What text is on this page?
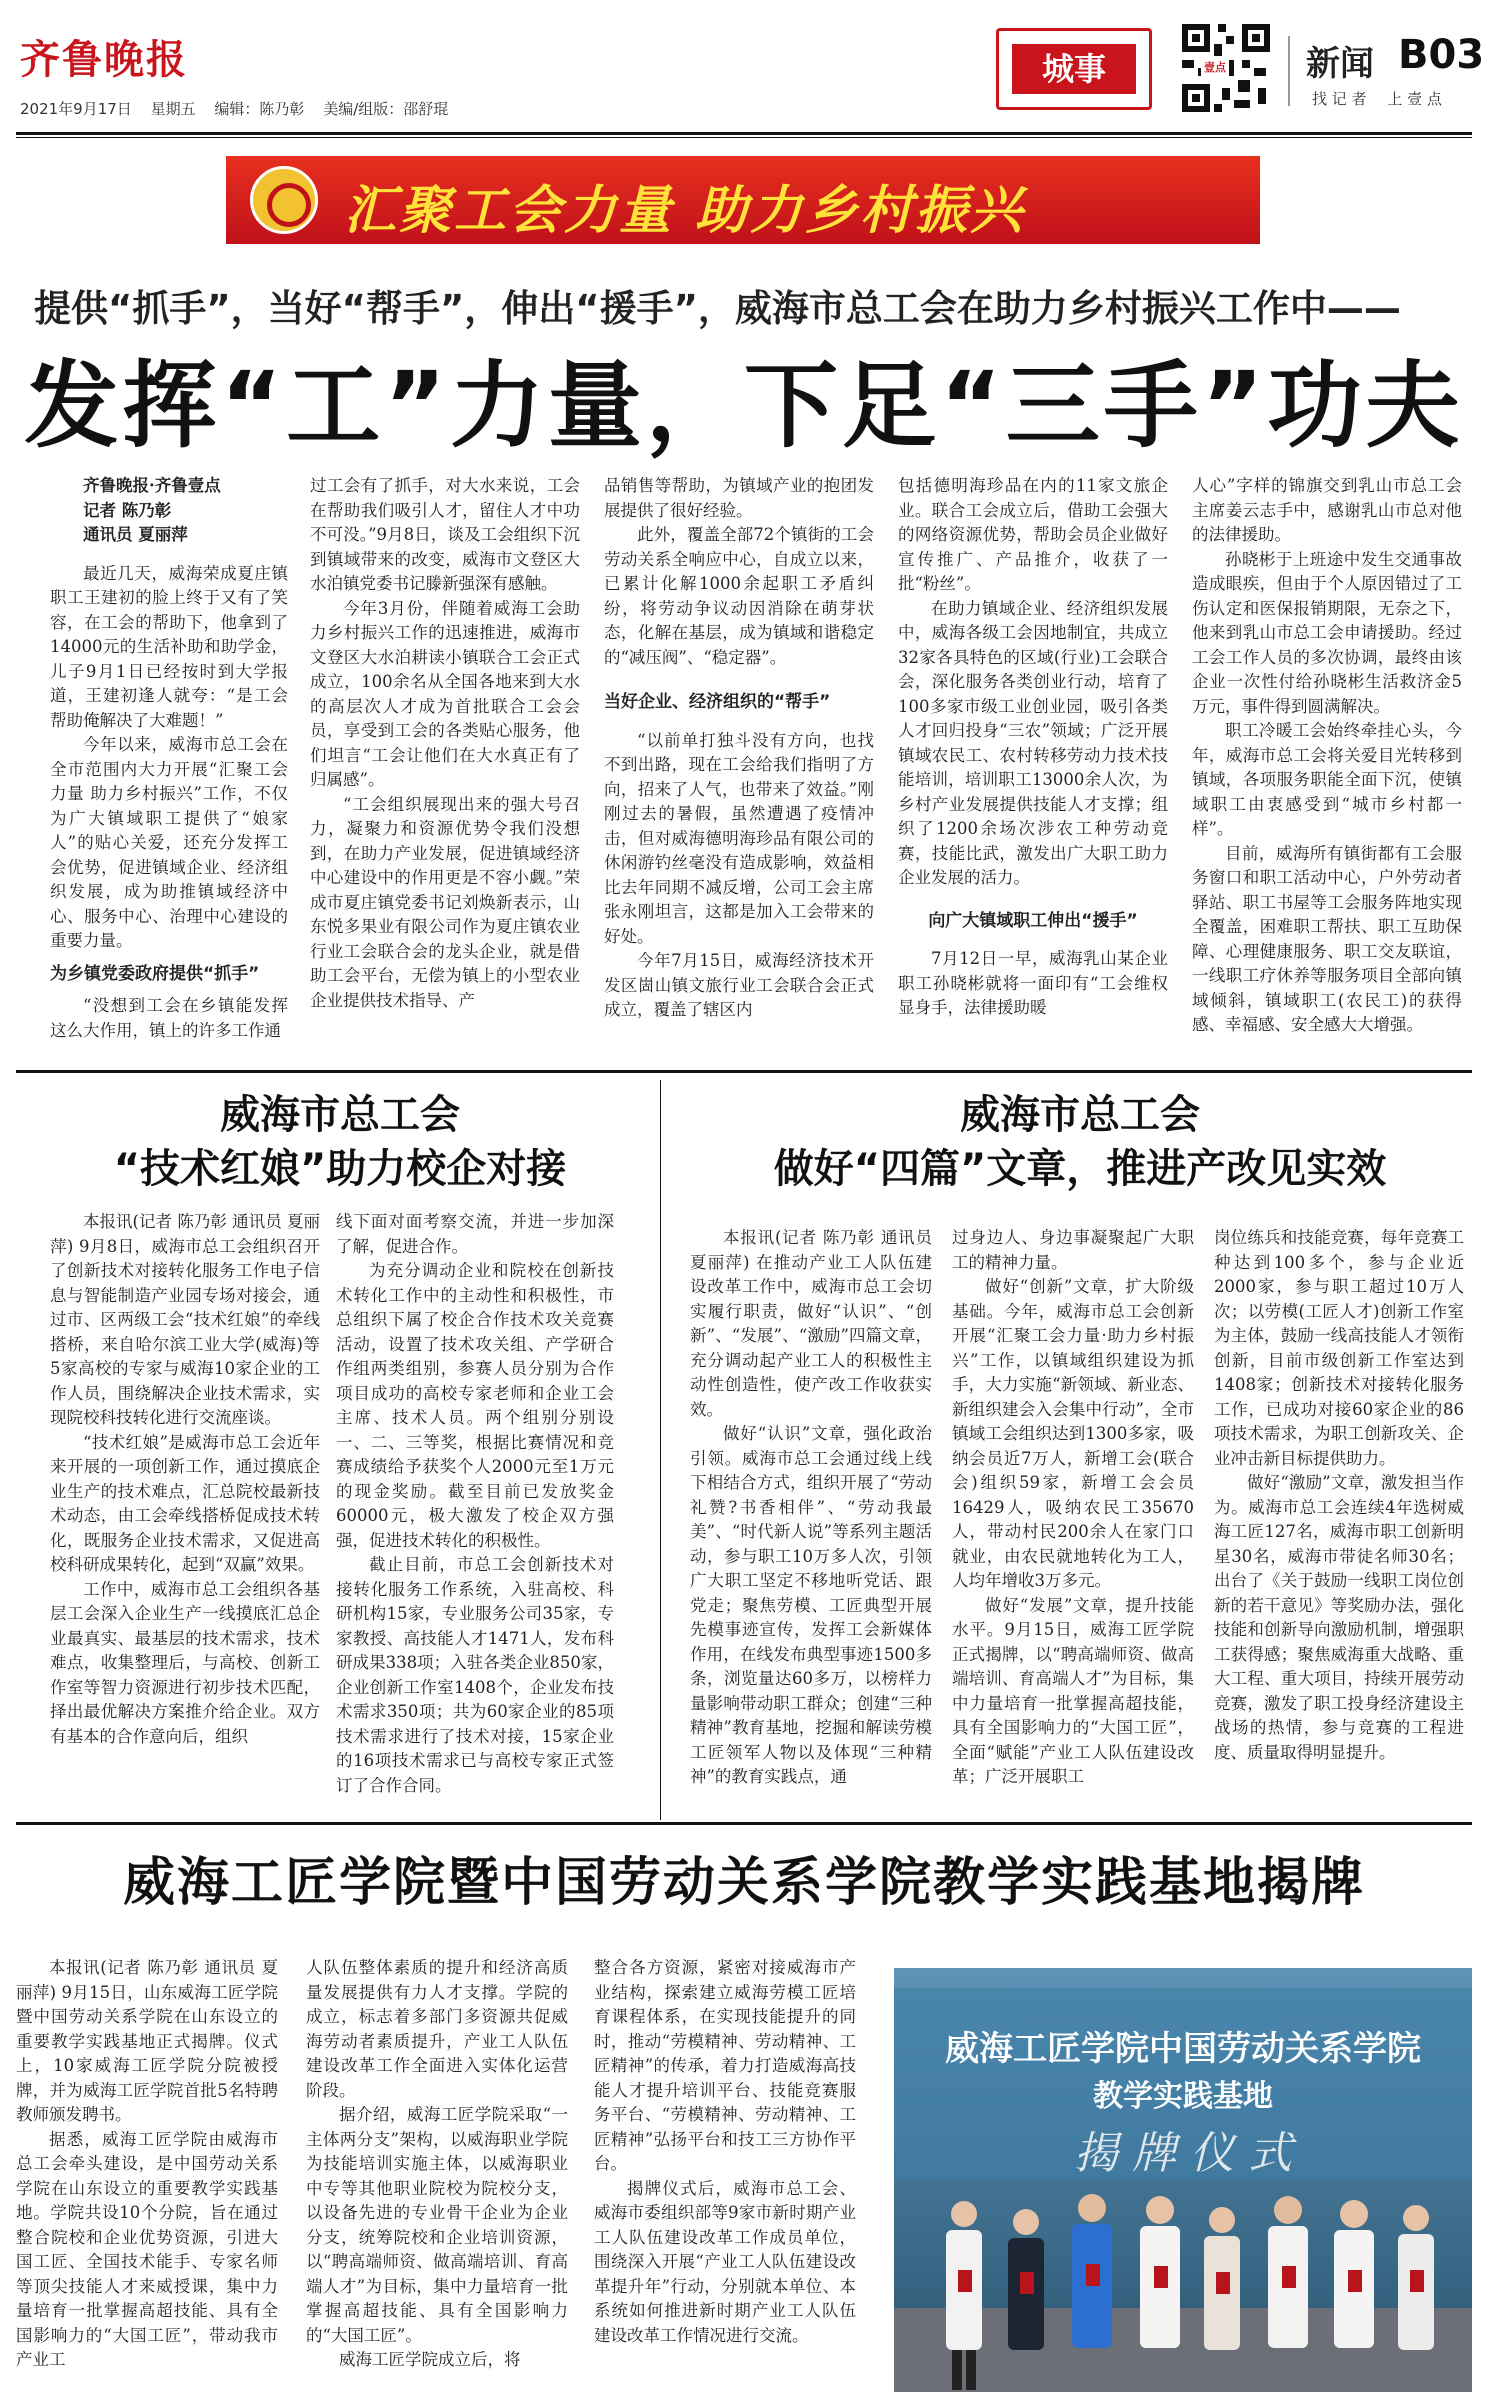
齐鲁晚报
2021年9月17日 星期五 编辑：陈乃彰 美编/组版：邵舒琨
城事	壹点 新闻 B03
找 记 者 上 壹 点
汇聚工会力量 助力乡村振兴
提供“抓手”，当好“帮手”，伸出“援手”，威海市总工会在助力乡村振兴工作中——
发挥“工”力量，下足“三手”功夫

齐鲁晚报·齐鲁壹点

记者 陈乃彰

通讯员 夏丽萍

最近几天，威海荣成夏庄镇职工王建初的脸上终于又有了笑容，在工会的帮助下，他拿到了14000元的生活补助和助学金，儿子9月1日已经按时到大学报道，王建初逢人就夸：“是工会帮助俺解决了大难题！”

今年以来，威海市总工会在全市范围内大力开展“汇聚工会力量 助力乡村振兴”工作，不仅为广大镇域职工提供了“娘家人”的贴心关爱，还充分发挥工会优势，促进镇域企业、经济组织发展，成为助推镇域经济中心、服务中心、治理中心建设的重要力量。

为乡镇党委政府提供“抓手”

“没想到工会在乡镇能发挥这么大作用，镇上的许多工作通

过工会有了抓手，对大水来说，工会在帮助我们吸引人才，留住人才中功不可没。”9月8日，谈及工会组织下沉到镇域带来的改变，威海市文登区大水泊镇党委书记滕新强深有感触。

今年3月份，伴随着威海工会助力乡村振兴工作的迅速推进，威海市文登区大水泊耕读小镇联合工会正式成立，100余名从全国各地来到大水的高层次人才成为首批联合工会会员，享受到工会的各类贴心服务，他们坦言“工会让他们在大水真正有了归属感”。

“工会组织展现出来的强大号召力，凝聚力和资源优势令我们没想到，在助力产业发展，促进镇域经济中心建设中的作用更是不容小觑。”荣成市夏庄镇党委书记刘焕新表示，山东悦多果业有限公司作为夏庄镇农业行业工会联合会的龙头企业，就是借助工会平台，无偿为镇上的小型农业企业提供技术指导、产

品销售等帮助，为镇域产业的抱团发展提供了很好经验。

此外，覆盖全部72个镇街的工会劳动关系全响应中心，自成立以来，已累计化解1000余起职工矛盾纠纷，将劳动争议动因消除在萌芽状态，化解在基层，成为镇域和谐稳定的“减压阀”、“稳定器”。

当好企业、经济组织的“帮手”

“以前单打独斗没有方向，也找不到出路，现在工会给我们指明了方向，招来了人气，也带来了效益。”刚刚过去的暑假，虽然遭遇了疫情冲击，但对威海德明海珍品有限公司的休闲游钓丝毫没有造成影响，效益相比去年同期不减反增，公司工会主席张永刚坦言，这都是加入工会带来的好处。

今年7月15日，威海经济技术开发区崮山镇文旅行业工会联合会正式成立，覆盖了辖区内

包括德明海珍品在内的11家文旅企业。联合工会成立后，借助工会强大的网络资源优势，帮助会员企业做好宣传推广、产品推介，收获了一批“粉丝”。

在助力镇域企业、经济组织发展中，威海各级工会因地制宜，共成立32家各具特色的区域(行业)工会联合会，深化服务各类创业行动，培育了100多家市级工业创业园，吸引各类人才回归投身“三农”领域；广泛开展镇域农民工、农村转移劳动力技术技能培训，培训职工13000余人次，为乡村产业发展提供技能人才支撑；组织了1200余场次涉农工种劳动竞赛，技能比武，激发出广大职工助力企业发展的活力。

向广大镇域职工伸出“援手”

7月12日一早，威海乳山某企业职工孙晓彬就将一面印有“工会维权显身手，法律援助暖

人心”字样的锦旗交到乳山市总工会主席姜云志手中，感谢乳山市总对他的法律援助。

孙晓彬于上班途中发生交通事故造成眼疾，但由于个人原因错过了工伤认定和医保报销期限，无奈之下，他来到乳山市总工会申请援助。经过工会工作人员的多次协调，最终由该企业一次性付给孙晓彬生活救济金5万元，事件得到圆满解决。

职工冷暖工会始终牵挂心头，今年，威海市总工会将关爱目光转移到镇域，各项服务职能全面下沉，使镇域职工由衷感受到“城市乡村都一样”。

目前，威海所有镇街都有工会服务窗口和职工活动中心，户外劳动者驿站、职工书屋等工会服务阵地实现全覆盖，困难职工帮扶、职工互助保障、心理健康服务、职工交友联谊，一线职工疗休养等服务项目全部向镇域倾斜，镇域职工(农民工)的获得感、幸福感、安全感大大增强。

威海市总工会
“技术红娘”助力校企对接

本报讯(记者 陈乃彰 通讯员 夏丽萍) 9月8日，威海市总工会组织召开了创新技术对接转化服务工作电子信息与智能制造产业园专场对接会，通过市、区两级工会“技术红娘”的牵线搭桥，来自哈尔滨工业大学(威海)等5家高校的专家与威海10家企业的工作人员，围绕解决企业技术需求，实现院校科技转化进行交流座谈。

“技术红娘”是威海市总工会近年来开展的一项创新工作，通过摸底企业生产的技术难点，汇总院校最新技术动态，由工会牵线搭桥促成技术转化，既服务企业技术需求，又促进高校科研成果转化，起到“双赢”效果。

工作中，威海市总工会组织各基层工会深入企业生产一线摸底汇总企业最真实、最基层的技术需求，技术难点，收集整理后，与高校、创新工作室等智力资源进行初步技术匹配，择出最优解决方案推介给企业。双方有基本的合作意向后，组织

线下面对面考察交流，并进一步加深了解，促进合作。

为充分调动企业和院校在创新技术转化工作中的主动性和积极性，市总组织下属了校企合作技术攻关竞赛活动，设置了技术攻关组、产学研合作组两类组别，参赛人员分别为合作项目成功的高校专家老师和企业工会主席、技术人员。两个组别分别设一、二、三等奖，根据比赛情况和竞赛成绩给予获奖个人2000元至1万元的现金奖励。截至目前已发放奖金60000元，极大激发了校企双方强强，促进技术转化的积极性。

截止目前，市总工会创新技术对接转化服务工作系统，入驻高校、科研机构15家，专业服务公司35家，专家教授、高技能人才1471人，发布科研成果338项；入驻各类企业850家，企业创新工作室1408个，企业发布技术需求350项；共为60家企业的85项技术需求进行了技术对接，15家企业的16项技术需求已与高校专家正式签订了合作合同。

威海市总工会
做好“四篇”文章，推进产改见实效

本报讯(记者 陈乃彰 通讯员 夏丽萍) 在推动产业工人队伍建设改革工作中，威海市总工会切实履行职责，做好“认识”、“创新”、“发展”、“激励”四篇文章，充分调动起产业工人的积极性主动性创造性，使产改工作收获实效。

做好“认识”文章，强化政治引领。威海市总工会通过线上线下相结合方式，组织开展了“劳动礼赞?书香相伴”、“劳动我最美”、“时代新人说”等系列主题活动，参与职工10万多人次，引领广大职工坚定不移地听党话、跟党走；聚焦劳模、工匠典型开展先模事迹宣传，发挥工会新媒体作用，在线发布典型事迹1500多条，浏览量达60多万，以榜样力量影响带动职工群众；创建“三种精神”教育基地，挖掘和解读劳模工匠领军人物以及体现“三种精神”的教育实践点，通

过身边人、身边事凝聚起广大职工的精神力量。

做好“创新”文章，扩大阶级基础。今年，威海市总工会创新开展“汇聚工会力量·助力乡村振兴”工作，以镇域组织建设为抓手，大力实施“新领域、新业态、新组织建会入会集中行动”，全市镇域工会组织达到1300多家，吸纳会员近7万人，新增工会(联合会)组织59家，新增工会会员16429人，吸纳农民工35670人，带动村民200余人在家门口就业，由农民就地转化为工人，人均年增收3万多元。

做好“发展”文章，提升技能水平。9月15日，威海工匠学院正式揭牌，以“聘高端师资、做高端培训、育高端人才”为目标，集中力量培育一批掌握高超技能，具有全国影响力的“大国工匠”，全面“赋能”产业工人队伍建设改革；广泛开展职工

岗位练兵和技能竞赛，每年竞赛工种达到100多个，参与企业近2000家，参与职工超过10万人次；以劳模(工匠人才)创新工作室为主体，鼓励一线高技能人才领衔创新，目前市级创新工作室达到1408家；创新技术对接转化服务工作，已成功对接60家企业的86项技术需求，为职工创新攻关、企业冲击新目标提供助力。

做好“激励”文章，激发担当作为。威海市总工会连续4年选树威海工匠127名，威海市职工创新明星30名，威海市带徒名师30名；出台了《关于鼓励一线职工岗位创新的若干意见》等奖励办法，强化技能和创新导向激励机制，增强职工获得感；聚焦威海重大战略、重大工程、重大项目，持续开展劳动竞赛，激发了职工投身经济建设主战场的热情，参与竞赛的工程进度、质量取得明显提升。

威海工匠学院暨中国劳动关系学院教学实践基地揭牌

本报讯(记者 陈乃彰 通讯员 夏丽萍) 9月15日，山东威海工匠学院暨中国劳动关系学院在山东设立的重要教学实践基地正式揭牌。仪式上，10家威海工匠学院分院被授牌，并为威海工匠学院首批5名特聘教师颁发聘书。

据悉，威海工匠学院由威海市总工会牵头建设，是中国劳动关系学院在山东设立的重要教学实践基地。学院共设10个分院，旨在通过整合院校和企业优势资源，引进大国工匠、全国技术能手、专家名师等顶尖技能人才来威授课，集中力量培育一批掌握高超技能、具有全国影响力的“大国工匠”，带动我市产业工

人队伍整体素质的提升和经济高质量发展提供有力人才支撑。学院的成立，标志着多部门多资源共促威海劳动者素质提升，产业工人队伍建设改革工作全面进入实体化运营阶段。

据介绍，威海工匠学院采取“一主体两分支”架构，以威海职业学院为技能培训实施主体，以威海职业中专等其他职业院校为院校分支，以设备先进的专业骨干企业为企业分支，统筹院校和企业培训资源，以“聘高端师资、做高端培训、育高端人才”为目标，集中力量培育一批掌握高超技能、具有全国影响力的“大国工匠”。

威海工匠学院成立后，将

整合各方资源，紧密对接威海市产业结构，探索建立威海劳模工匠培育课程体系，在实现技能提升的同时，推动“劳模精神、劳动精神、工匠精神”的传承，着力打造威海高技能人才提升培训平台、技能竞赛服务平台、“劳模精神、劳动精神、工匠精神”弘扬平台和技工三方协作平台。

揭牌仪式后，威海市总工会、威海市委组织部等9家市新时期产业工人队伍建设改革工作成员单位，围绕深入开展“产业工人队伍建设改革提升年”行动，分别就本单位、本系统如何推进新时期产业工人队伍建设改革工作情况进行交流。

威海工匠学院中国劳动关系学院
教学实践基地
揭 牌 仪 式
